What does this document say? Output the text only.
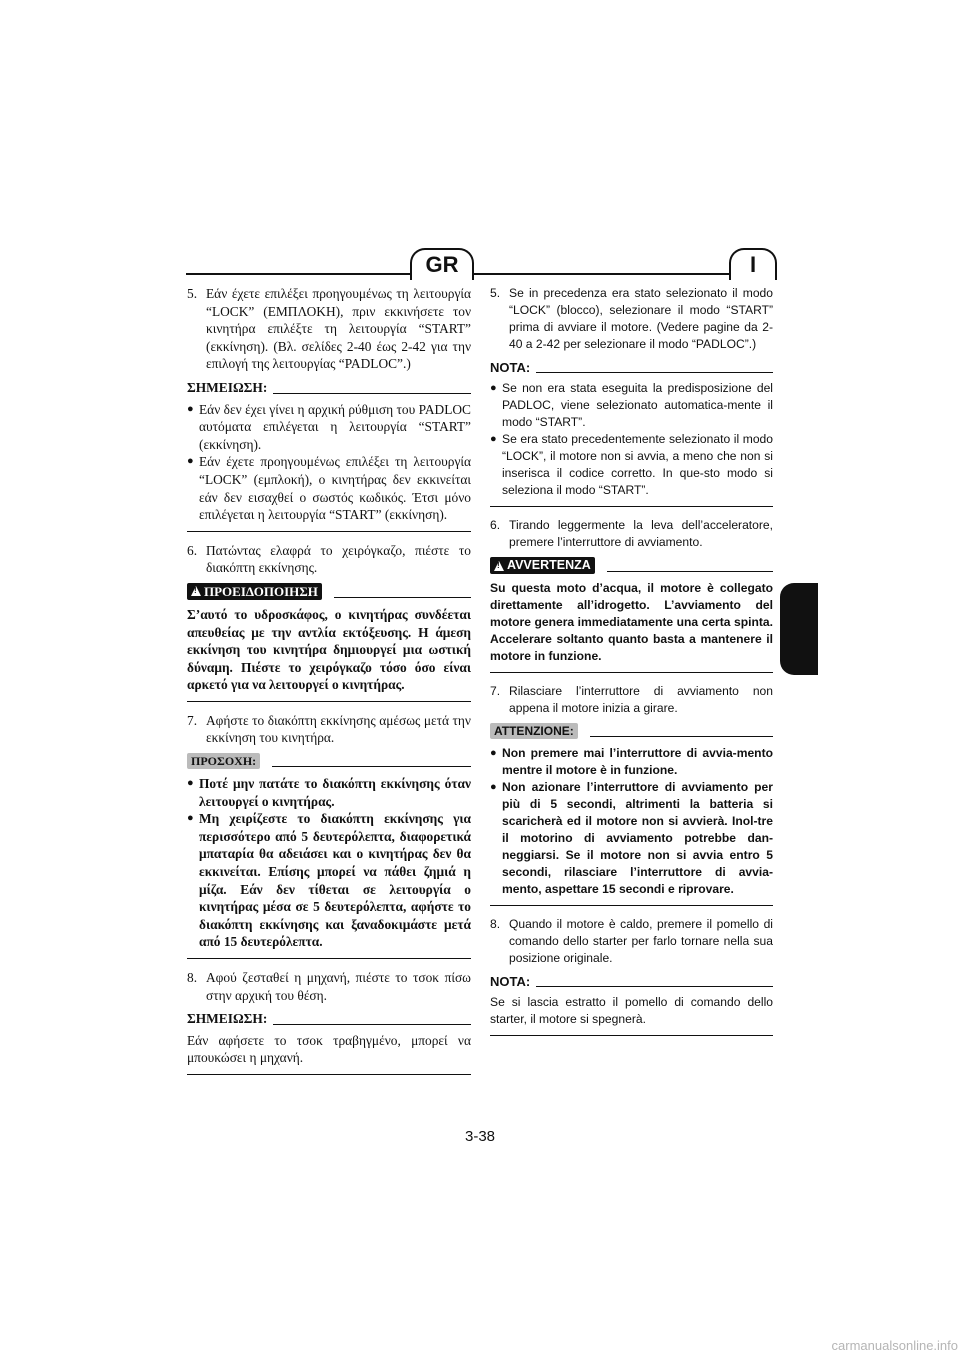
GR	I
5. Εάν έχετε επιλέξει προηγουμένως τη λειτουργία “LOCK” (ΕΜΠΛΟΚΗ), πριν εκκινήσετε τον κινητήρα επιλέξτε τη λειτουργία “START” (εκκίνηση). (Βλ. σελίδες 2-40 έως 2-42 για την επιλογή της λειτουργίας “PADLOC”.)
ΣΗΜΕΙΩΣΗ:
● Εάν δεν έχει γίνει η αρχική ρύθμιση του PADLOC αυτόματα επιλέγεται η λειτουργία “START” (εκκίνηση).
● Εάν έχετε προηγουμένως επιλέξει τη λειτουργία “LOCK” (εμπλοκή), ο κινητήρας δεν εκκινείται εάν δεν εισαχθεί ο σωστός κωδικός. Έτσι μόνο επιλέγεται η λειτουργία “START” (εκκίνηση).
6. Πατώντας ελαφρά το χειρόγκαζο, πιέστε το διακόπτη εκκίνησης.
!
ΠΡΟΕΙΔΟΠΟΙΗΣΗ
Σ’αυτό το υδροσκάφος, ο κινητήρας συνδέεται απευθείας με την αντλία εκτόξευσης. Η άμεση εκκίνηση του κινητήρα δημιουργεί μια ωστική δύναμη. Πιέστε το χειρόγκαζο τόσο όσο είναι αρκετό για να λειτουργεί ο κινητήρας.
7. Αφήστε το διακόπτη εκκίνησης αμέσως μετά την εκκίνηση του κινητήρα.
ΠΡΟΣΟΧΗ:
● Ποτέ μην πατάτε το διακόπτη εκκίνησης όταν λειτουργεί ο κινητήρας.
● Μη χειρίζεστε το διακόπτη εκκίνησης για περισσότερο από 5 δευτερόλεπτα, διαφορετικά μπαταρία θα αδειάσει και ο κινητήρας δεν θα εκκινείται. Επίσης μπορεί να πάθει ζημιά η μίζα. Εάν δεν τίθεται σε λειτουργία ο κινητήρας μέσα σε 5 δευτερόλεπτα, αφήστε το διακόπτη εκκίνησης και ξαναδοκιμάστε μετά από 15 δευτερόλεπτα.
8. Αφού ζεσταθεί η μηχανή, πιέστε το τσοκ πίσω στην αρχική του θέση.
ΣΗΜΕΙΩΣΗ:
Εάν αφήσετε το τσοκ τραβηγμένο, μπορεί να μπουκώσει η μηχανή.
5. Se in precedenza era stato selezionato il modo “LOCK” (blocco), selezionare il modo “START” prima di avviare il motore. (Vedere pagine da 2-40 a 2-42 per selezionare il modo “PADLOC”.)
NOTA:
● Se non era stata eseguita la predisposizione del PADLOC, viene selezionato automatica-mente il modo “START”.
● Se era stato precedentemente selezionato il modo “LOCK”, il motore non si avvia, a meno che non si inserisca il codice corretto. In que-sto modo si seleziona il modo “START”.
6. Tirando leggermente la leva dell’acceleratore, premere l’interruttore di avviamento.
!
AVVERTENZA
Su questa moto d’acqua, il motore è collegato direttamente all’idrogetto. L’avviamento del motore genera immediatamente una certa spinta. Accelerare soltanto quanto basta a mantenere il motore in funzione.
7. Rilasciare l’interruttore di avviamento non appena il motore inizia a girare.
ATTENZIONE:
● Non premere mai l’interruttore di avvia-mento mentre il motore è in funzione.
● Non azionare l’interruttore di avviamento per più di 5 secondi, altrimenti la batteria si scaricherà ed il motore non si avvierà. Inol-tre il motorino di avviamento potrebbe dan-neggiarsi. Se il motore non si avvia entro 5 secondi, rilasciare l’interruttore di avvia-mento, aspettare 15 secondi e riprovare.
8. Quando il motore è caldo, premere il pomello di comando dello starter per farlo tornare nella sua posizione originale.
NOTA:
Se si lascia estratto il pomello di comando dello starter, il motore si spegnerà.
3-38
carmanualsonline.info
